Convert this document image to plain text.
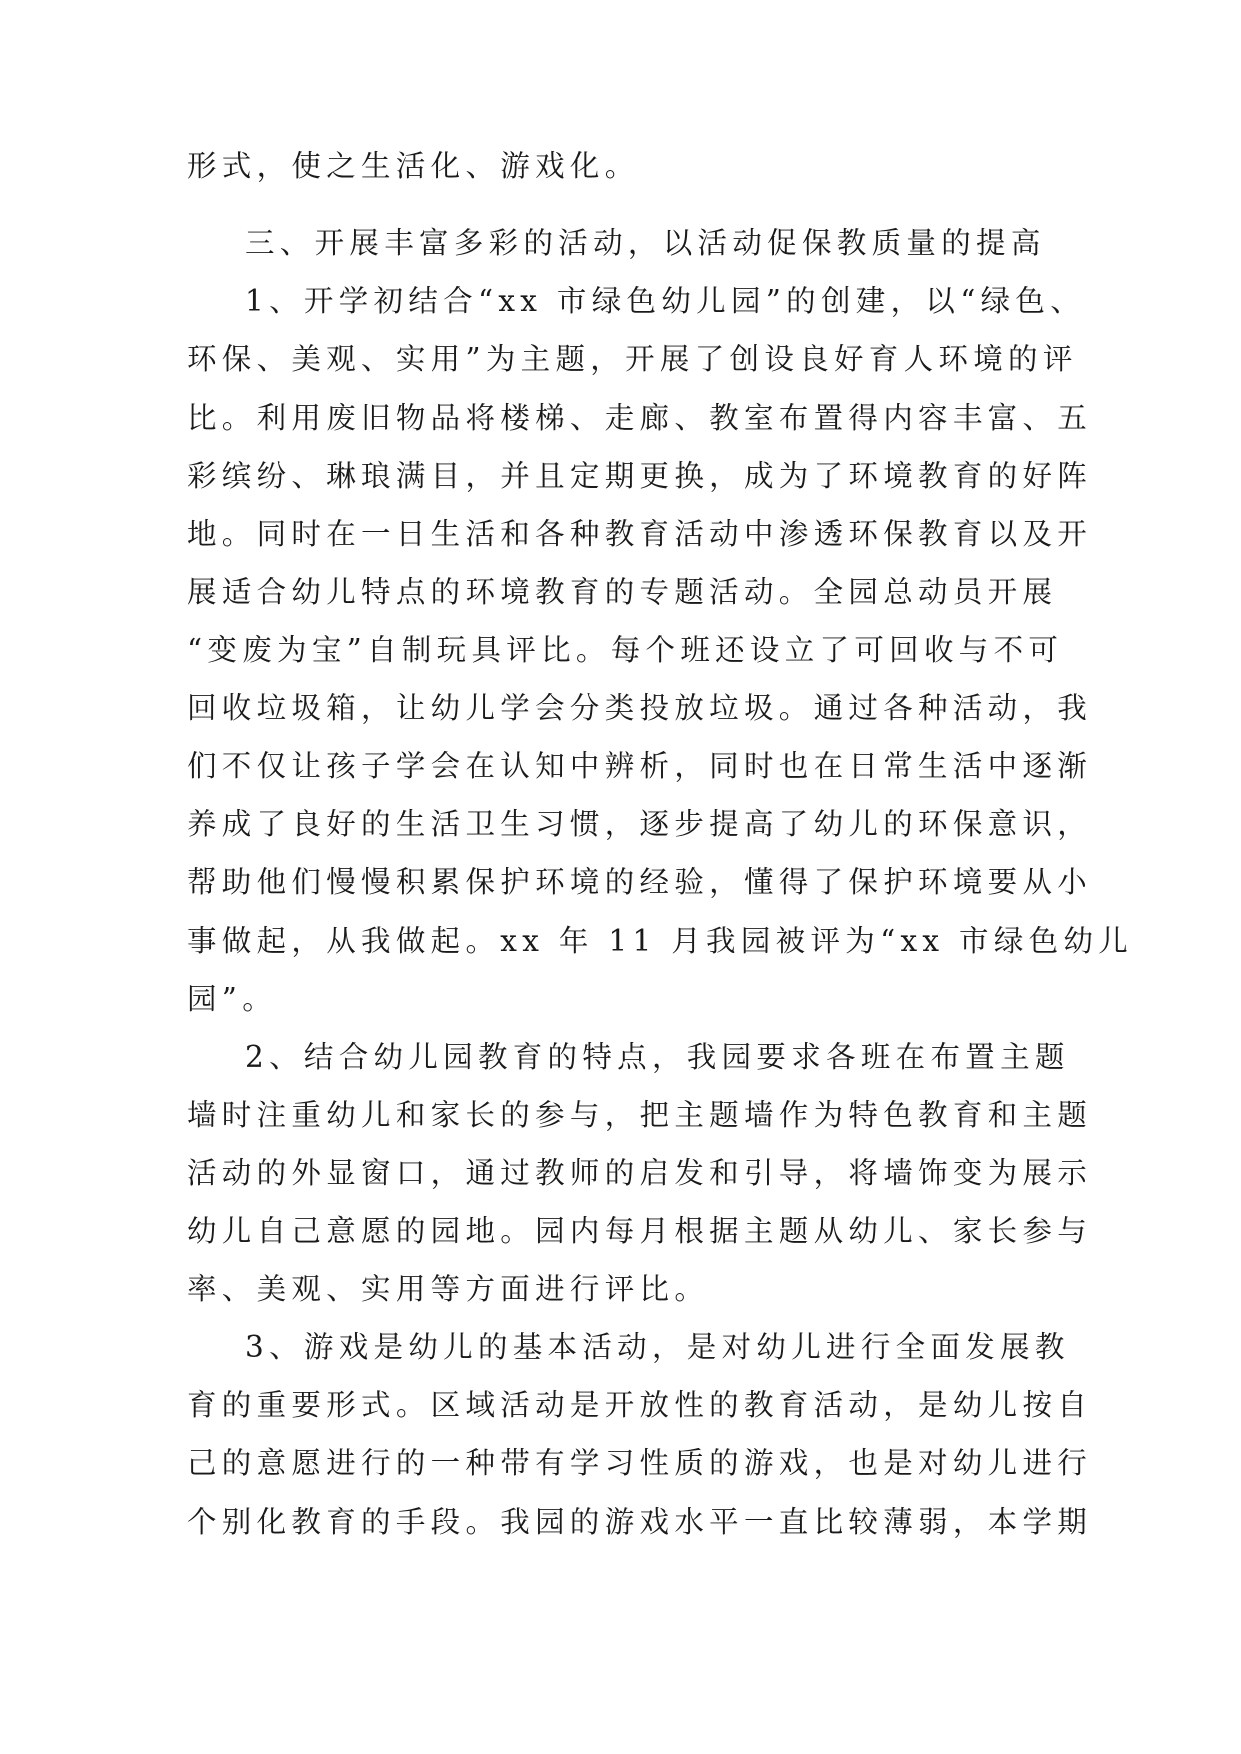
形式，使之生活化、游戏化。

三、开展丰富多彩的活动，以活动促保教质量的提高

1、开学初结合“xx 市绿色幼儿园”的创建，以“绿色、

环保、美观、实用”为主题，开展了创设良好育人环境的评

比。利用废旧物品将楼梯、走廊、教室布置得内容丰富、五

彩缤纷、琳琅满目，并且定期更换，成为了环境教育的好阵

地。同时在一日生活和各种教育活动中渗透环保教育以及开

展适合幼儿特点的环境教育的专题活动。全园总动员开展

“变废为宝”自制玩具评比。每个班还设立了可回收与不可

回收垃圾箱，让幼儿学会分类投放垃圾。通过各种活动，我

们不仅让孩子学会在认知中辨析，同时也在日常生活中逐渐

养成了良好的生活卫生习惯，逐步提高了幼儿的环保意识，

帮助他们慢慢积累保护环境的经验，懂得了保护环境要从小

事做起，从我做起。xx 年 11 月我园被评为“xx 市绿色幼儿

园”。

2、结合幼儿园教育的特点，我园要求各班在布置主题

墙时注重幼儿和家长的参与，把主题墙作为特色教育和主题

活动的外显窗口，通过教师的启发和引导，将墙饰变为展示

幼儿自己意愿的园地。园内每月根据主题从幼儿、家长参与

率、美观、实用等方面进行评比。

3、游戏是幼儿的基本活动，是对幼儿进行全面发展教

育的重要形式。区域活动是开放性的教育活动，是幼儿按自

己的意愿进行的一种带有学习性质的游戏，也是对幼儿进行

个别化教育的手段。我园的游戏水平一直比较薄弱，本学期
